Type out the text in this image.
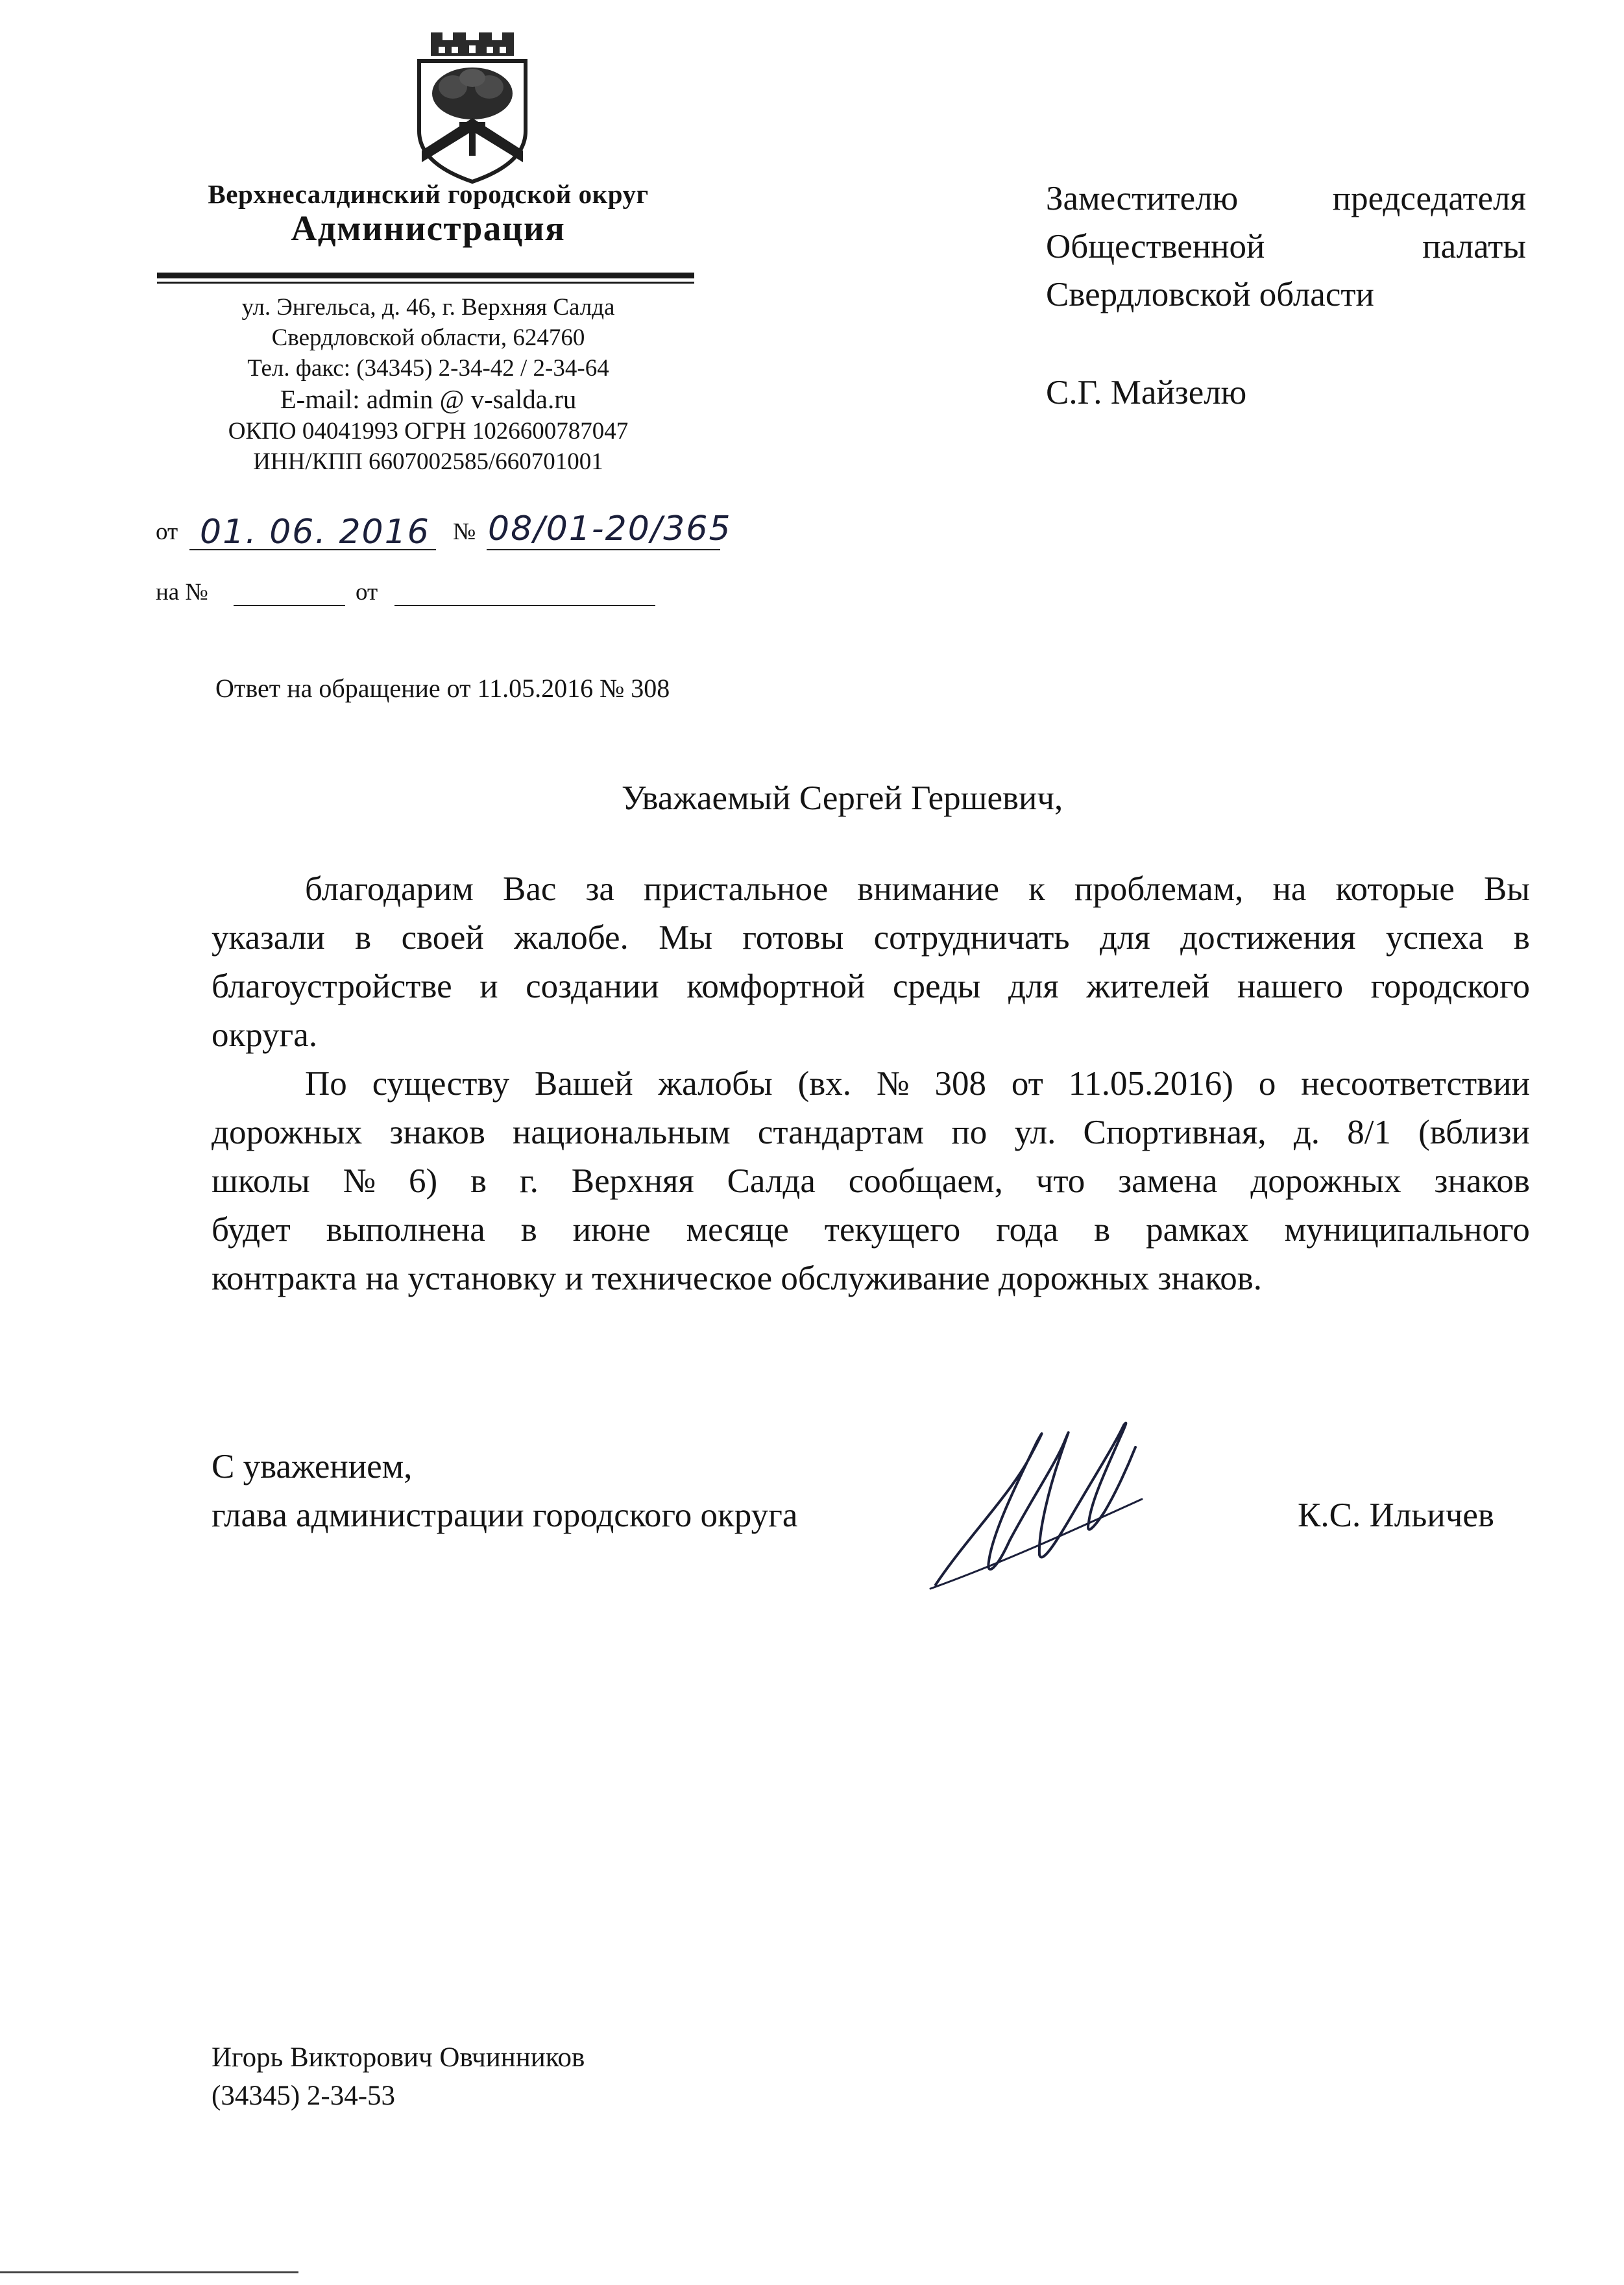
Верхнесалдинский городской округ
Администрация
ул. Энгельса, д. 46, г. Верхняя Салда
Свердловской области, 624760
Тел. факс: (34345) 2-34-42 / 2-34-64
E-mail: admin @ v-salda.ru
ОКПО 04041993 ОГРН 1026600787047
ИНН/КПП 6607002585/660701001
от 01. 06. 2016 № 08/01-20/365
на №	от
Заместителю	председателя
Общественной	палаты
Свердловской области
С.Г. Майзелю
Ответ на обращение от 11.05.2016 № 308
Уважаемый Сергей Гершевич,
благодарим Вас за пристальное внимание к проблемам, на которые Вы
указали в своей жалобе. Мы готовы сотрудничать для достижения успеха в
благоустройстве и создании комфортной среды для жителей нашего городского
округа.
По существу Вашей жалобы (вх. № 308 от 11.05.2016) о несоответствии
дорожных знаков национальным стандартам по ул. Спортивная, д. 8/1 (вблизи
школы № 6) в г. Верхняя Салда сообщаем, что замена дорожных знаков
будет выполнена в июне месяце текущего года в рамках муниципального
контракта на установку и техническое обслуживание дорожных знаков.
С уважением,
глава администрации городского округа	К.С. Ильичев
Игорь Викторович Овчинников
(34345) 2-34-53
